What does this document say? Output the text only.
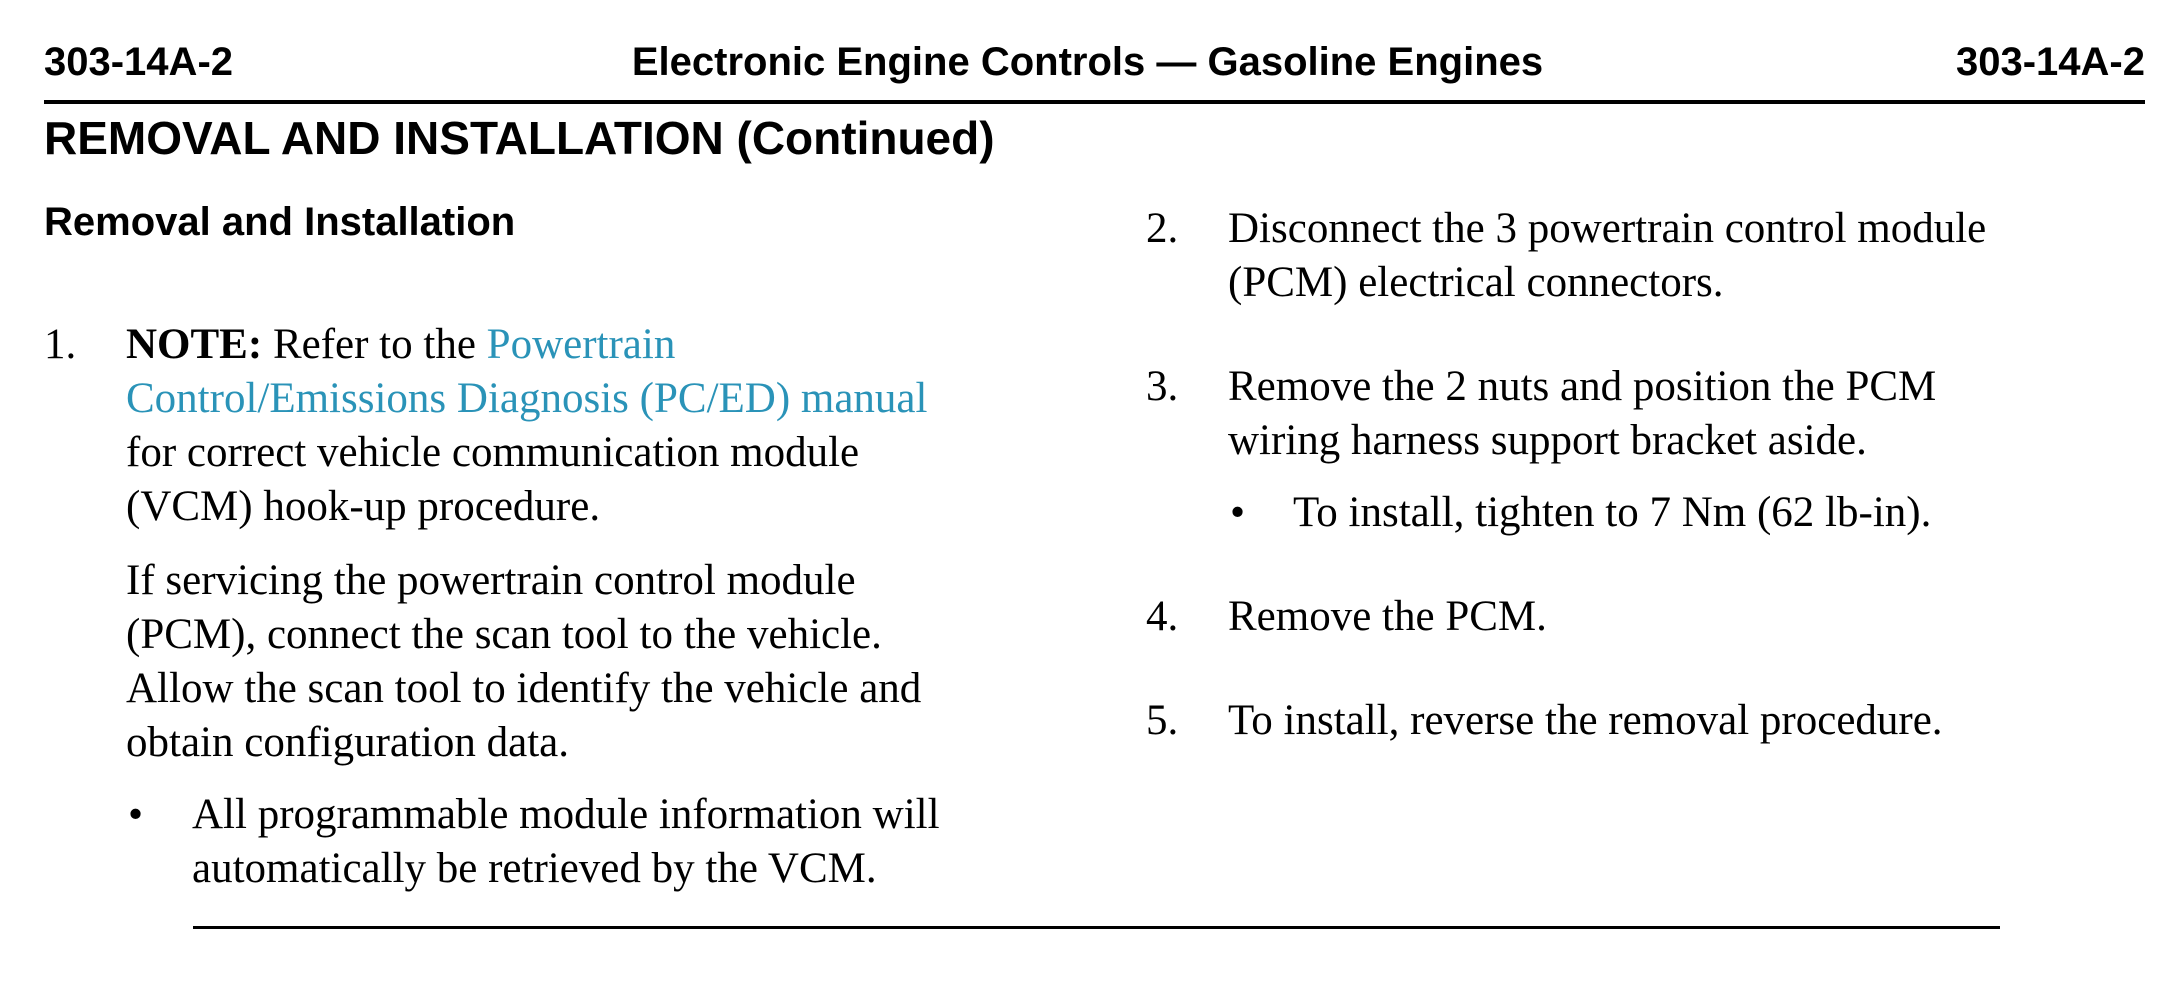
303-14A-2	Electronic Engine Controls — Gasoline Engines	303-14A-2
REMOVAL AND INSTALLATION (Continued)
Removal and Installation
1. NOTE: Refer to the Powertrain
Control/Emissions Diagnosis (PC/ED) manual
for correct vehicle communication module
(VCM) hook-up procedure.
If servicing the powertrain control module
(PCM), connect the scan tool to the vehicle.
Allow the scan tool to identify the vehicle and
obtain configuration data.
• All programmable module information will
automatically be retrieved by the VCM.
2. Disconnect the 3 powertrain control module
(PCM) electrical connectors.
3. Remove the 2 nuts and position the PCM
wiring harness support bracket aside.
• To install, tighten to 7 Nm (62 lb-in).
4. Remove the PCM.
5. To install, reverse the removal procedure.
